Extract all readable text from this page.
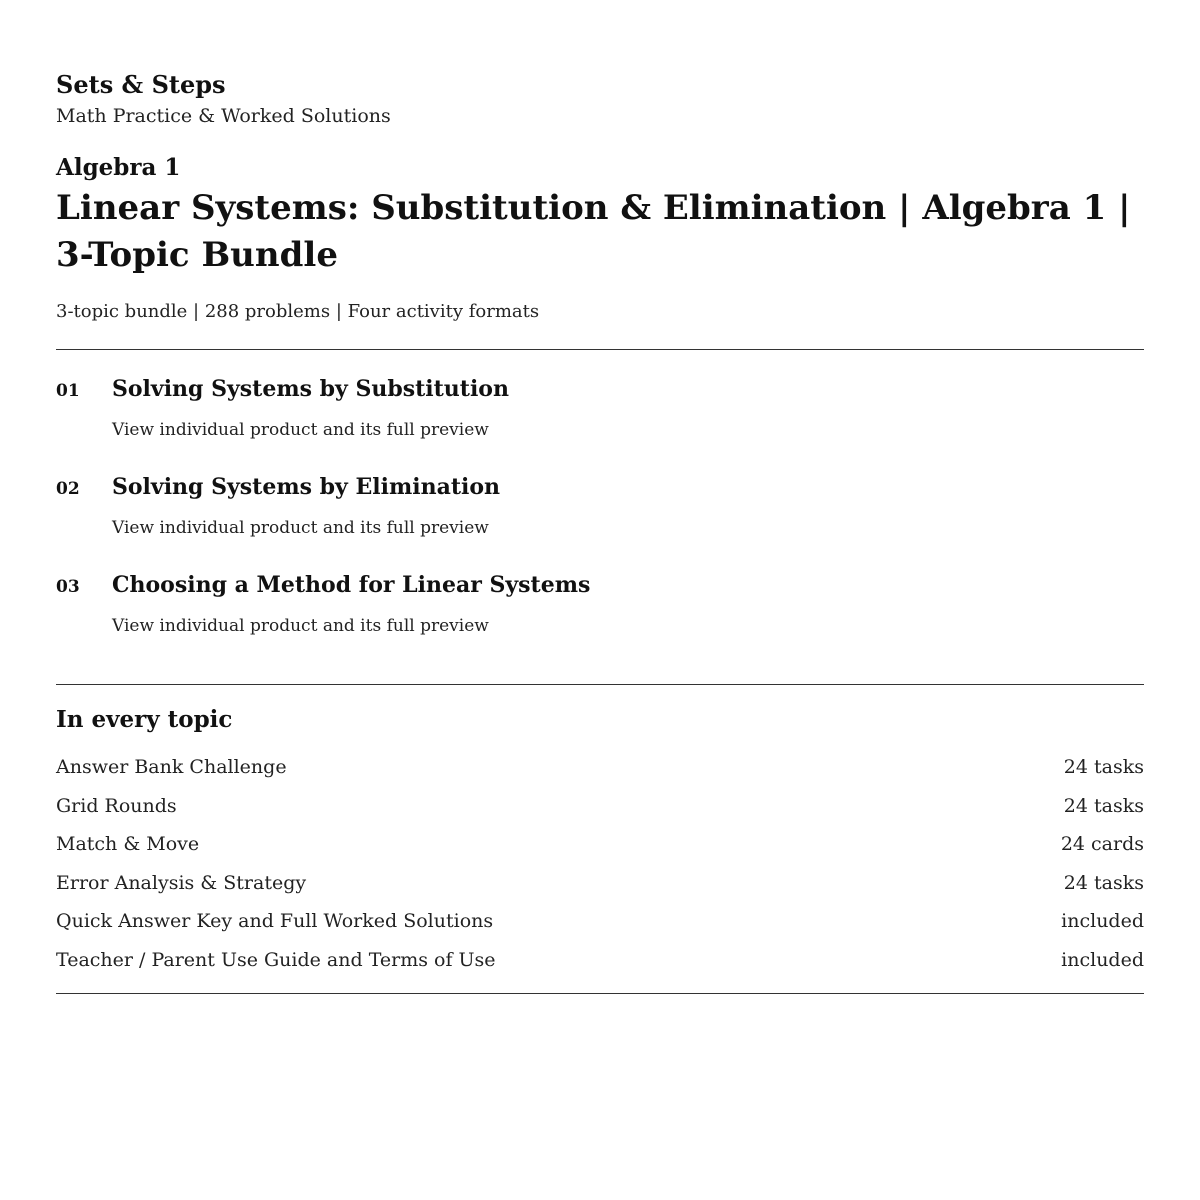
Sets & Steps
Math Practice & Worked Solutions
Algebra 1
Linear Systems: Substitution & Elimination | Algebra 1 | 3-Topic Bundle
3-topic bundle | 288 problems | Four activity formats
01 Solving Systems by Substitution
View individual product and its full preview
02 Solving Systems by Elimination
View individual product and its full preview
03 Choosing a Method for Linear Systems
View individual product and its full preview
In every topic
Answer Bank Challenge	24 tasks
Grid Rounds	24 tasks
Match & Move	24 cards
Error Analysis & Strategy	24 tasks
Quick Answer Key and Full Worked Solutions	included
Teacher / Parent Use Guide and Terms of Use	included
